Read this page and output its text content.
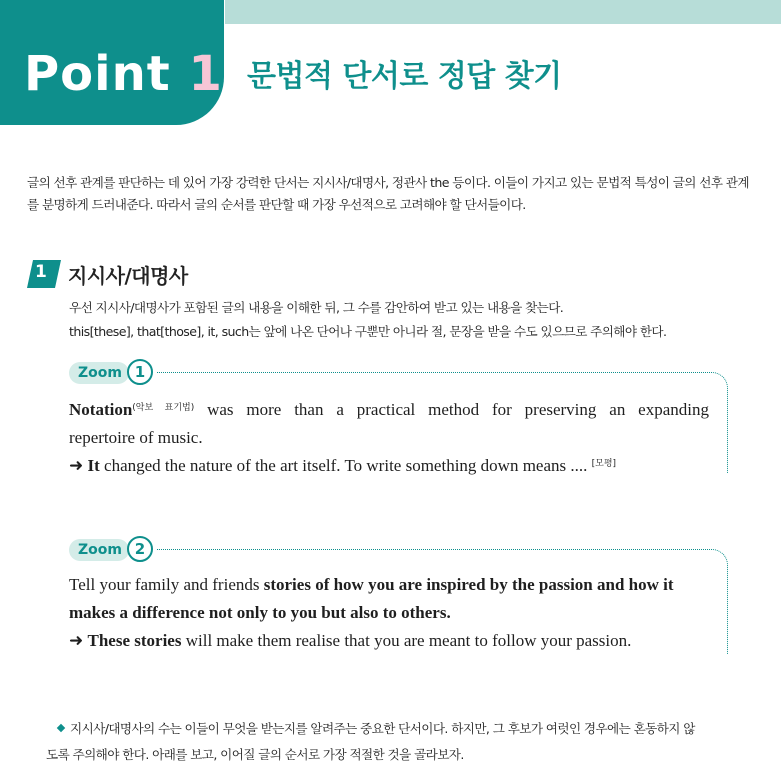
Point 1 문법적 단서로 정답 찾기
글의 선후 관계를 판단하는 데 있어 가장 강력한 단서는 지시사/대명사, 정관사 the 등이다. 이들이 가지고 있는 문법적 특성이 글의 선후 관계
를 분명하게 드러내준다. 따라서 글의 순서를 판단할 때 가장 우선적으로 고려해야 할 단서들이다.
1 지시사/대명사
우선 지시사/대명사가 포함된 글의 내용을 이해한 뒤, 그 수를 감안하여 받고 있는 내용을 찾는다.
this[these], that[those], it, such는 앞에 나온 단어나 구뿐만 아니라 절, 문장을 받을 수도 있으므로 주의해야 한다.
Zoom 1
Notation$^{(악보 표기법)}$ was more than a practical method for preserving an expanding
repertoire of music.
➜ It changed the nature of the art itself. To write something down means .... [모평]
Zoom 2
Tell your family and friends stories of how you are inspired by the passion and how it
makes a difference not only to you but also to others.
➜ These stories will make them realise that you are meant to follow your passion.
지시사/대명사의 수는 이들이 무엇을 받는지를 알려주는 중요한 단서이다. 하지만, 그 후보가 여럿인 경우에는 혼동하지 않
도록 주의해야 한다. 아래를 보고, 이어질 글의 순서로 가장 적절한 것을 골라보자.
